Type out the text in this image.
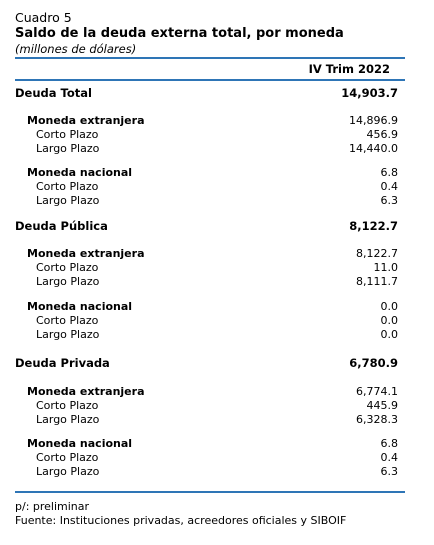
Cuadro 5
Saldo de la deuda externa total, por moneda
(millones de dólares)
IV Trim 2022
Deuda Total	14,903.7
Moneda extranjera	14,896.9
Corto Plazo	456.9
Largo Plazo	14,440.0
Moneda nacional	6.8
Corto Plazo	0.4
Largo Plazo	6.3
Deuda Pública	8,122.7
Moneda extranjera	8,122.7
Corto Plazo	11.0
Largo Plazo	8,111.7
Moneda nacional	0.0
Corto Plazo	0.0
Largo Plazo	0.0
Deuda Privada	6,780.9
Moneda extranjera	6,774.1
Corto Plazo	445.9
Largo Plazo	6,328.3
Moneda nacional	6.8
Corto Plazo	0.4
Largo Plazo	6.3
p/: preliminar
Fuente: Instituciones privadas, acreedores oficiales y SIBOIF
